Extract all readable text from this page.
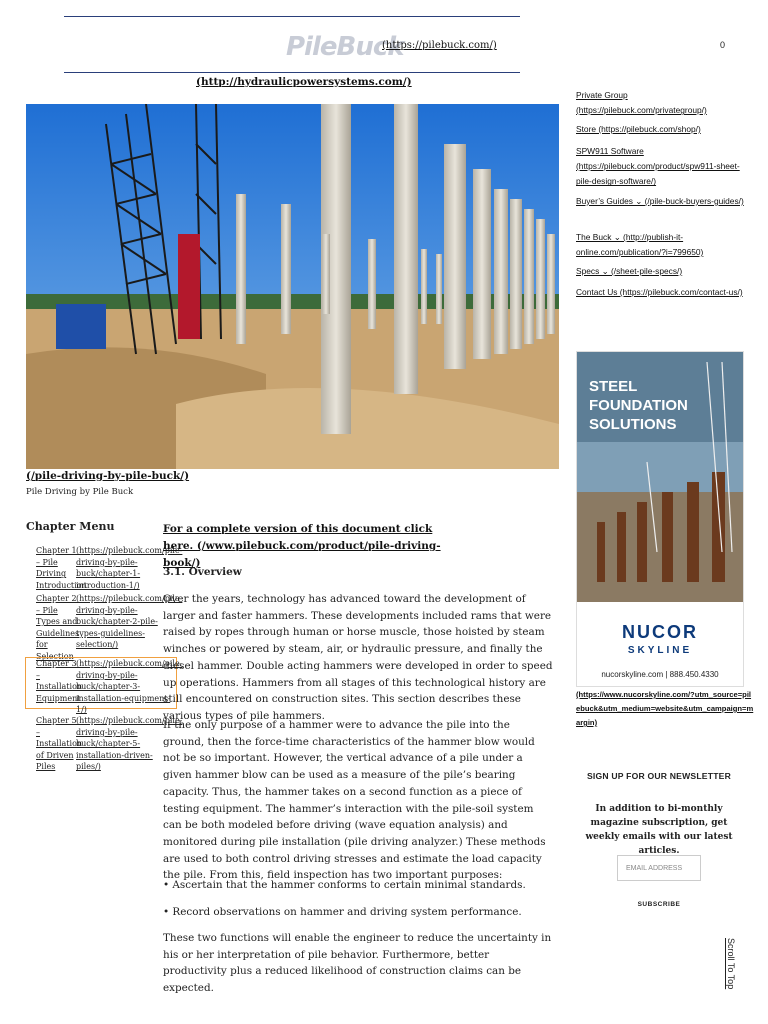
PileBuck
(https://pilebuck.com/)	0
(http://hydraulicpowersystems.com/)
(/pile-driving-by-pile-buck/)
Pile Driving by Pile Buck
Chapter Menu
Chapter 1 – Pile Driving Introduction
(https://pilebuck.com/pile-driving-by-pile-buck/chapter-1-introduction-1/)
Chapter 2 – Pile Types and Guidelines for Selection
(https://pilebuck.com/pile-driving-by-pile-buck/chapter-2-pile-types-guidelines-selection/)
Chapter 3 – Installation Equipment
(https://pilebuck.com/pile-driving-by-pile-buck/chapter-3-installation-equipment-1/)
Chapter 5 – Installation of Driven Piles
(https://pilebuck.com/pile-driving-by-pile-buck/chapter-5-installation-driven-piles/)
For a complete version of this document click here. (/www.pilebuck.com/product/pile-driving-book/)
3.1. Overview
Over the years, technology has advanced toward the development of larger and faster hammers. These developments included rams that were raised by ropes through human or horse muscle, those hoisted by steam winches or powered by steam, air, or hydraulic pressure, and finally the diesel hammer. Double acting hammers were developed in order to speed up operations. Hammers from all stages of this technological history are still encountered on construction sites. This section describes these various types of pile hammers.
If the only purpose of a hammer were to advance the pile into the ground, then the force-time characteristics of the hammer blow would not be so important. However, the vertical advance of a pile under a given hammer blow can be used as a measure of the pile’s bearing capacity. Thus, the hammer takes on a second function as a piece of testing equipment. The hammer’s interaction with the pile-soil system can be both modeled before driving (wave equation analysis) and monitored during pile installation (pile driving analyzer.) These methods are used to both control driving stresses and estimate the load capacity the pile. From this, field inspection has two important purposes:
• Ascertain that the hammer conforms to certain minimal standards.
• Record observations on hammer and driving system performance.
These two functions will enable the engineer to reduce the uncertainty in his or her interpretation of pile behavior. Furthermore, better productivity plus a reduced likelihood of construction claims can be expected.
Private Group (https://pilebuck.com/privategroup/)
Store (https://pilebuck.com/shop/)
SPW911 Software (https://pilebuck.com/product/spw911-sheet-pile-design-software/)
Buyer’s Guides ⌄ (/pile-buck-buyers-guides/)
The Buck ⌄ (http://publish-it-online.com/publication/?i=799650)
Specs ⌄ (/sheet-pile-specs/)
Contact Us (https://pilebuck.com/contact-us/)
STEEL
FOUNDATION
SOLUTIONS
NUCOR
SKYLINE
nucorskyline.com | 888.450.4330
(https://www.nucorskyline.com/?utm_source=pilebuck&utm_medium=website&utm_campaign=margin)
SIGN UP FOR OUR NEWSLETTER
In addition to bi-monthly magazine subscription, get weekly emails with our latest articles.
EMAIL ADDRESS
SUBSCRIBE
Scroll To Top
